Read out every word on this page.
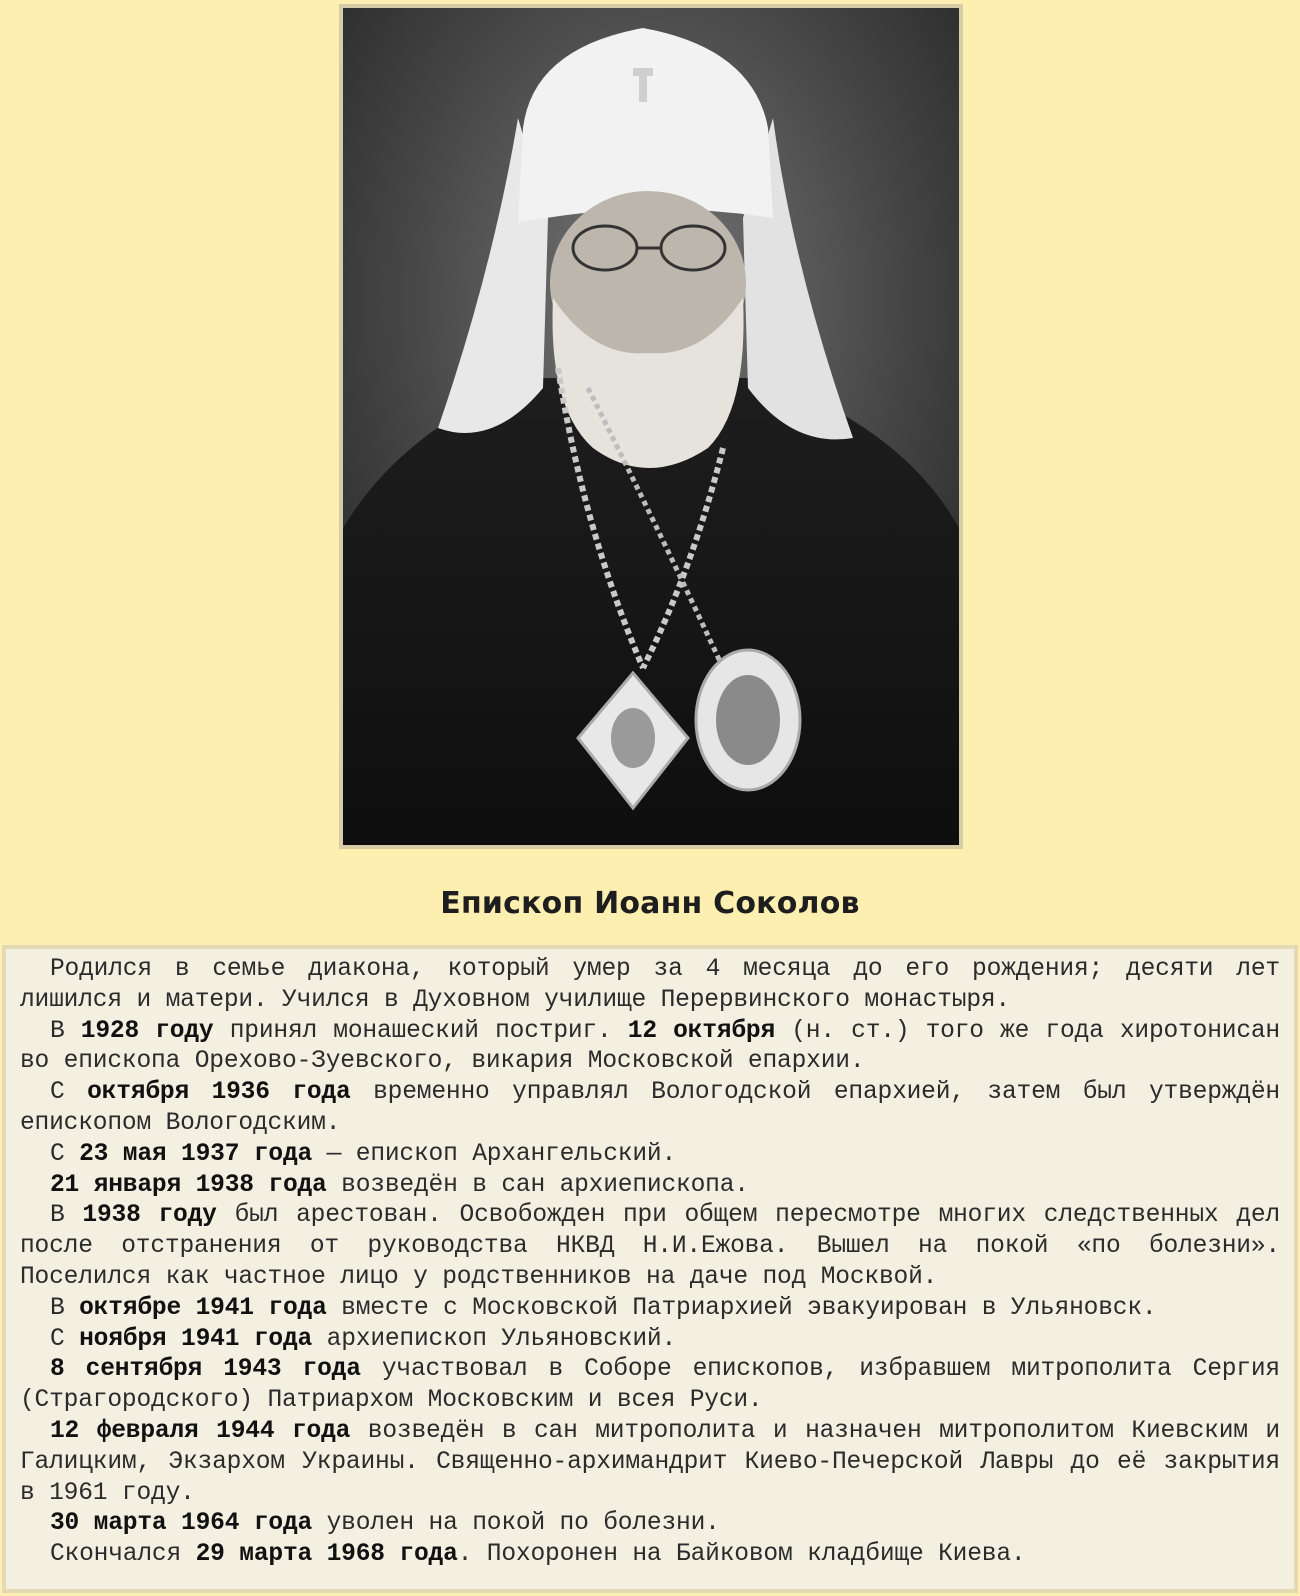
Епископ Иоанн Соколов

Родился в семье диакона, который умер за 4 месяца до его рождения; десяти лет лишился и матери. Учился в Духовном училище Перервинского монастыря.

В 1928 году принял монашеский постриг. 12 октября (н. ст.) того же года хиротонисан во епископа Орехово-Зуевского, викария Московской епархии.

С октября 1936 года временно управлял Вологодской епархией, затем был утверждён епископом Вологодским.

С 23 мая 1937 года — епископ Архангельский.

21 января 1938 года возведён в сан архиепископа.

В 1938 году был арестован. Освобожден при общем пересмотре многих следственных дел после отстранения от руководства НКВД Н.И.Ежова. Вышел на покой «по болезни». Поселился как частное лицо у родственников на даче под Москвой.

В октябре 1941 года вместе с Московской Патриархией эвакуирован в Ульяновск.

С ноября 1941 года архиепископ Ульяновский.

8 сентября 1943 года участвовал в Соборе епископов, избравшем митрополита Сергия (Страгородского) Патриархом Московским и всея Руси.

12 февраля 1944 года возведён в сан митрополита и назначен митрополитом Киевским и Галицким, Экзархом Украины. Священно-архимандрит Киево-Печерской Лавры до её закрытия в 1961 году.

30 марта 1964 года уволен на покой по болезни.

Скончался 29 марта 1968 года. Похоронен на Байковом кладбище Киева.
